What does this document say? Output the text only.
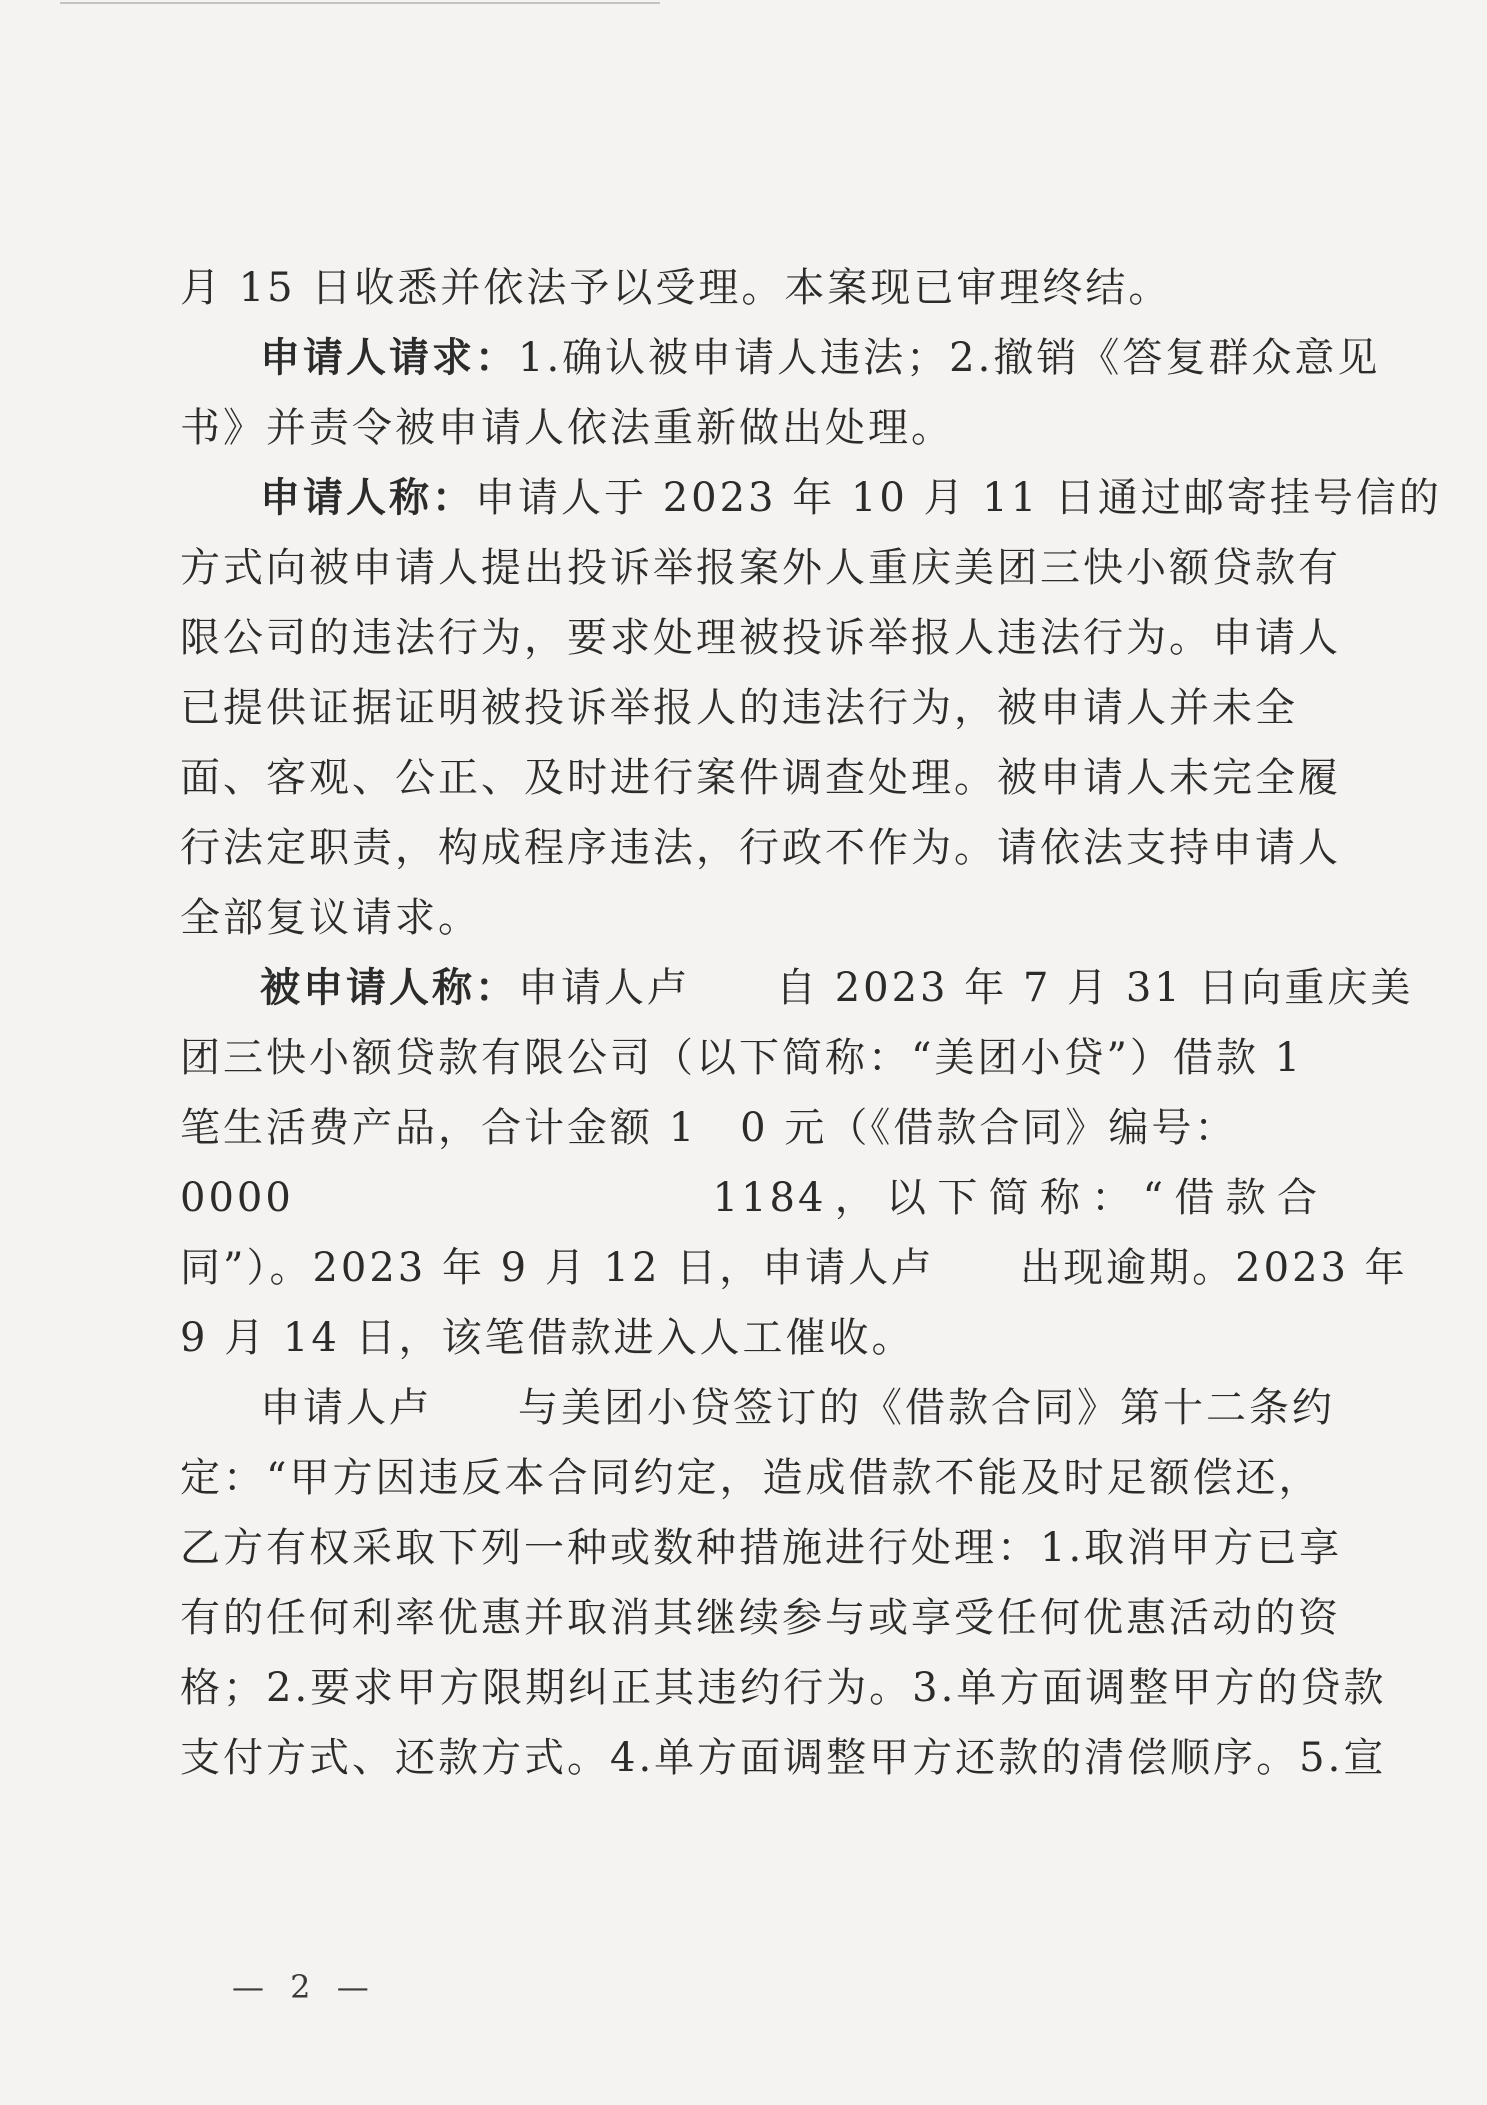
月 15 日收悉并依法予以受理。本案现已审理终结。
申请人请求：1.确认被申请人违法；2.撤销《答复群众意见
书》并责令被申请人依法重新做出处理。
申请人称：申请人于 2023 年 10 月 11 日通过邮寄挂号信的
方式向被申请人提出投诉举报案外人重庆美团三快小额贷款有
限公司的违法行为，要求处理被投诉举报人违法行为。申请人
已提供证据证明被投诉举报人的违法行为，被申请人并未全
面、客观、公正、及时进行案件调查处理。被申请人未完全履
行法定职责，构成程序违法，行政不作为。请依法支持申请人
全部复议请求。
被申请人称：申请人卢　　自 2023 年 7 月 31 日向重庆美
团三快小额贷款有限公司（以下简称：“美团小贷”）借款 1
笔生活费产品，合计金额 1　0 元（《借款合同》编号：
0000　　　　　　　　1184，以下简称：“借款合
同”）。2023 年 9 月 12 日，申请人卢　　出现逾期。2023 年
9 月 14 日，该笔借款进入人工催收。
申请人卢　　与美团小贷签订的《借款合同》第十二条约
定：“甲方因违反本合同约定，造成借款不能及时足额偿还，
乙方有权采取下列一种或数种措施进行处理：1.取消甲方已享
有的任何利率优惠并取消其继续参与或享受任何优惠活动的资
格；2.要求甲方限期纠正其违约行为。3.单方面调整甲方的贷款
支付方式、还款方式。4.单方面调整甲方还款的清偿顺序。5.宣
— 2 —
